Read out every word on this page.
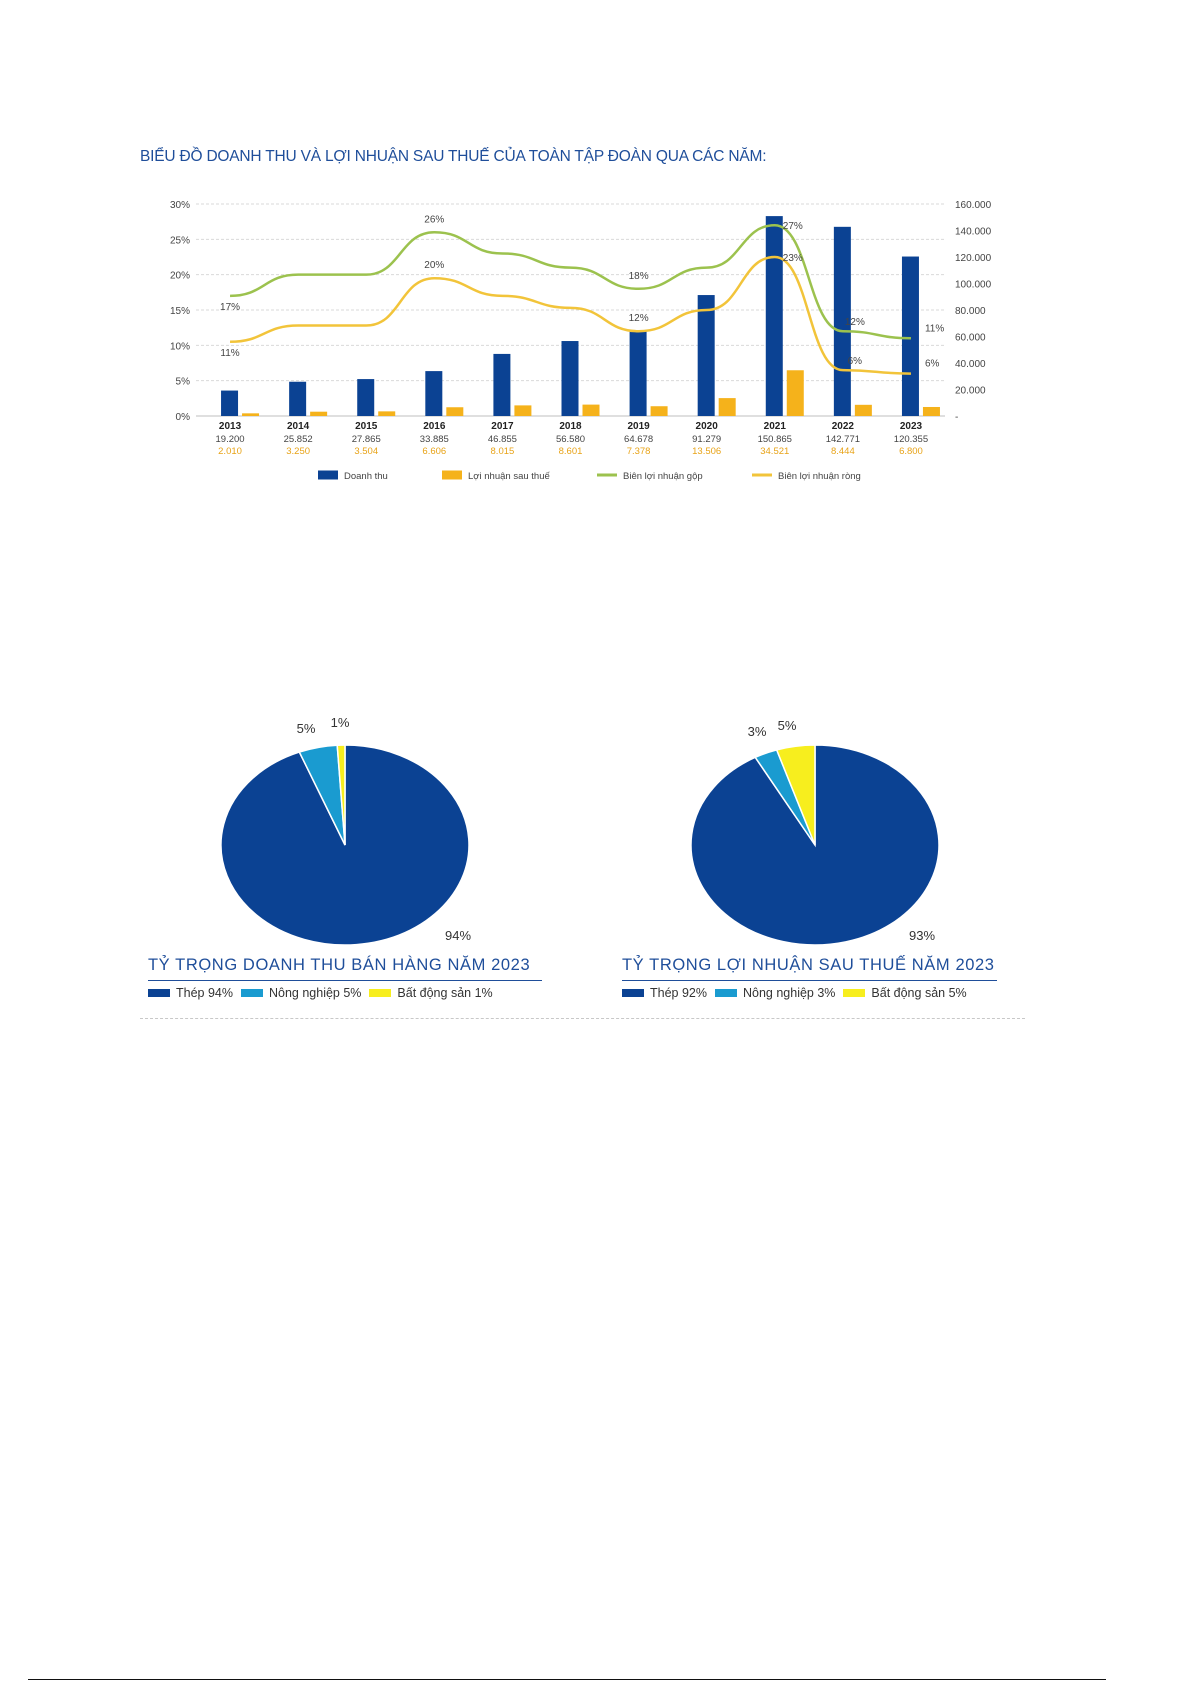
BIỂU ĐỒ DOANH THU VÀ LỢI NHUẬN SAU THUẾ CỦA TOÀN TẬP ĐOÀN QUA CÁC NĂM:
0%
5%
10%
15%
20%
25%
30%
-
20.000
40.000
60.000
80.000
100.000
120.000
140.000
160.000
2013
19.200
2.010
2014
25.852
3.250
2015
27.865
3.504
2016
33.885
6.606
2017
46.855
8.015
2018
56.580
8.601
2019
64.678
7.378
2020
91.279
13.506
2021
150.865
34.521
2022
142.771
8.444
2023
120.355
6.800
17%
26%
18%
27%
12%
11%
11%
20%
12%
23%
6%	6%
Doanh thu	Lợi nhuận sau thuế	Biên lợi nhuận gộp	Biên lợi nhuận ròng
94%
5% 1%
TỶ TRỌNG DOANH THU BÁN HÀNG NĂM 2023
Thép 94%	Nông nghiệp 5%	Bất động sản 1%
93%
3% 5%
TỶ TRỌNG LỢI NHUẬN SAU THUẾ NĂM 2023
Thép 92%	Nông nghiệp 3%	Bất động sản 5%
